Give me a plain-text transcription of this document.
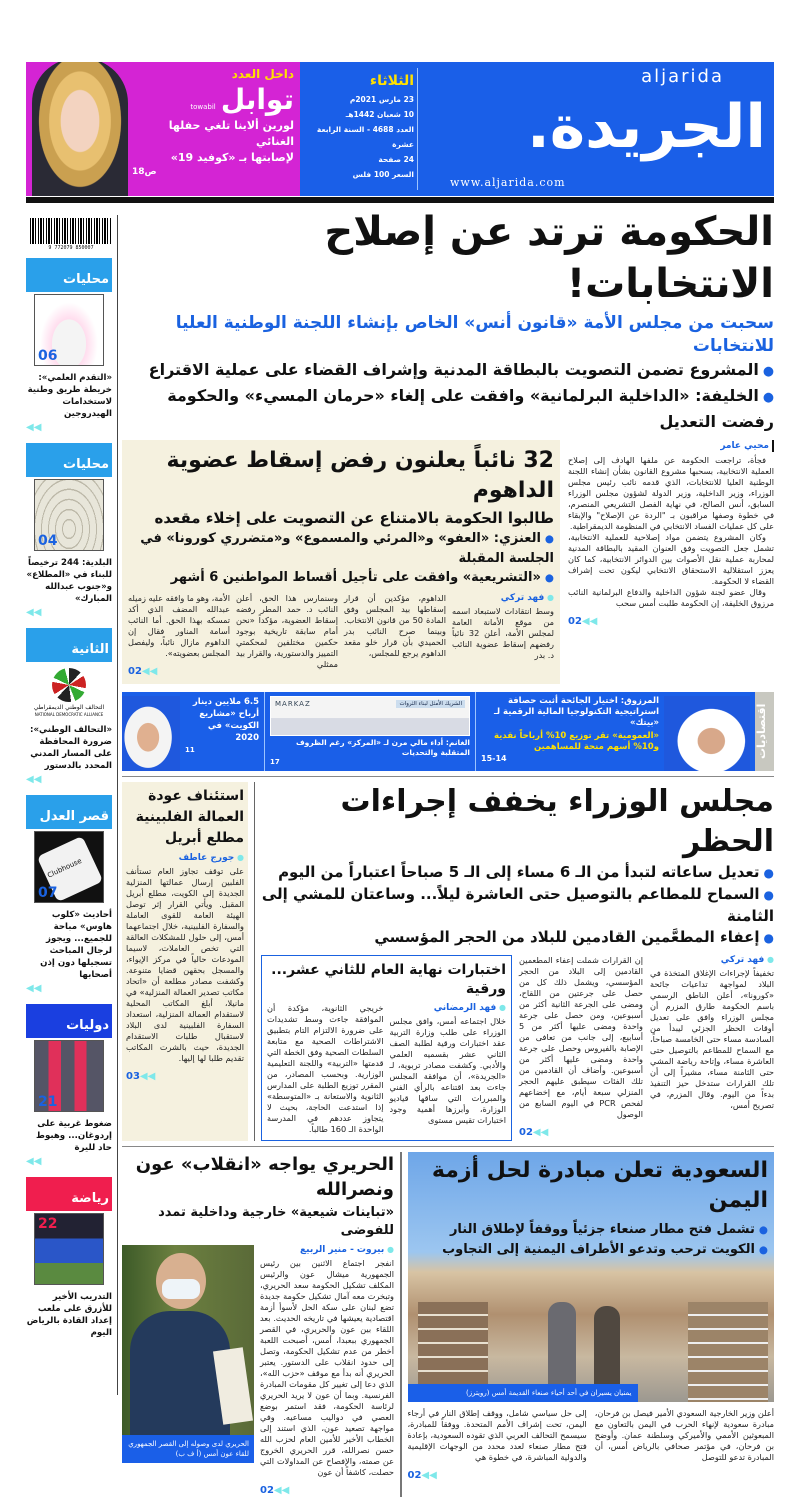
داخل العدد
توابل towabil
لورين ألاينا تلغي حفلها الغنائي
لإصابتها بـ «كوفيد 19»
ص18
الثلاثاء
23 مارس 2021م
10 شعبان 1442هـ
العدد 4688 - السنة الرابعة عشرة
24 صفحة
السعر 100 فلس
aljarida
الجريدة.
www.aljarida.com
9 772079 850007
محليات
06
«التقدم العلمي»: خريطة طريق وطنية لاستخدامات الهيدروجين
◀◀
محليات
04
البلدية: 244 ترخيصاً للبناء في «المطلاع» و«جنوب عبدالله المبارك»
◀◀
الثانية
التحالف الوطني الديمقراطي
NATIONAL DEMOCRATIC ALLIANCE
«التحالف الوطني»: ضرورة المحافظة على المسار المدني المحدد بالدستور
◀◀
قصر العدل
Clubhouse
07
أحاديث «كلوب هاوس» مباحة للجميع... ويجوز لرجال المباحث تسجيلها دون إذن أصحابها
◀◀
دوليات
21
ضغوط غربية على إردوغان... وهبوط حاد لليرة
◀◀
رياضة
22
التدريب الأخير للأزرق على ملعب إعداد القادة بالرياض اليوم
الحكومة ترتد عن إصلاح الانتخابات!
سحبت من مجلس الأمة «قانون أنس» الخاص بإنشاء اللجنة الوطنية العليا للانتخابات
●المشروع تضمن التصويت بالبطاقة المدنية وإشراف القضاء على عملية الاقتراع
●الخليفة: «الداخلية البرلمانية» وافقت على إلغاء «حرمان المسيء» والحكومة رفضت التعديل
محيي عامر

فجأة، تراجعت الحكومة عن ملفها الهادف إلى إصلاح العملية الانتخابية، بسحبها مشروع القانون بشأن إنشاء اللجنة الوطنية العليا للانتخابات، الذي قدمه نائب رئيس مجلس الوزراء، وزير الداخلية، وزير الدولة لشؤون مجلس الوزراء السابق، أنس الصالح، في نهاية الفصل التشريعي المنصرم، في خطوة وصفها مراقبون بـ "الردة عن الإصلاح" والإبقاء على كل عمليات الفساد الانتخابي في المنظومة الديمقراطية.

وكان المشروع يتضمن مواد إصلاحية للعملية الانتخابية، تشمل جعل التصويت وفق العنوان المقيد بالبطاقة المدنية لمحاربة عملية نقل الأصوات بين الدوائر الانتخابية، كما كان يعزز استقلالية الاستحقاق الانتخابي ليكون تحت إشراف القضاء لا الحكومة.

وقال عضو لجنة شؤون الداخلية والدفاع البرلمانية النائب مرزوق الخليفة، إن الحكومة طلبت أمس سحب

02◀◀
32 نائباً يعلنون رفض إسقاط عضوية الداهوم
طالبوا الحكومة بالامتناع عن التصويت على إخلاء مقعده
●العنزي: «العفو» و«المرئي والمسموع» و«متضرري كورونا» في الجلسة المقبلة
●«التشريعية» وافقت على تأجيل أقساط المواطنين 6 أشهر
● فهد تركي
وسط انتقادات لاستبعاد اسمه من موقع الأمانة العامة لمجلس الأمة، أعلن 32 نائباً رفضهم إسقاط عضوية النائب د. بدر
الداهوم، مؤكدين أن قرار إسقاطها بيد المجلس وفق المادة 50 من قانون الانتخاب. وبينما صرح النائب بدر الحميدي بأن قرار خلو مقعد الداهوم يرجع للمجلس،
وسنمارس هذا الحق، أعلن النائب د. حمد المطر رفضه إسقاط العضوية، مؤكداً «نحن أمام سابقة تاريخية بوجود حكمين مختلفين لمحكمتي التمييز والدستورية، والقرار بيد ممثلي
الأمة، وهو ما وافقه عليه زميله عبدالله المضف الذي أكد تمسكه بهذا الحق. أما النائب أسامة المناور فقال إن الداهوم مازال نائباً، وليفصل المجلس بعضويته».
02◀◀
اقتصاديات
المرزوق: اختيار الجائحة أثبت حصافة استراتيجية التكنولوجيا المالية الرقمية لـ «بيتك»
«العمومية» تقر توزيع 10% أرباحاً نقدية و10% أسهم منحة للمساهمين
15-14
MARKAZ	الشريك الأمثل لبناء الثروات
الغانم: أداء مالي مرن لـ «المركز» رغم الظروف المتقلبة والتحديات
17
6.5 ملايين دينار أرباح «مشاريع الكويت» في 2020
11
مجلس الوزراء يخفف إجراءات الحظر
●تعديل ساعاته لتبدأ من الـ 6 مساء إلى الـ 5 صباحاً اعتباراً من اليوم
●السماح للمطاعم بالتوصيل حتى العاشرة ليلاً... وساعتان للمشي إلى الثامنة
●إعفاء المطعَّمين القادمين للبلاد من الحجر المؤسسي
● فهد تركي
تخفيفاً لإجراءات الإغلاق المتخذة في البلاد لمواجهة تداعيات جائحة «كورونا»، أعلن الناطق الرسمي باسم الحكومة طارق المزرم أن مجلس الوزراء وافق على تعديل أوقات الحظر الجزئي ليبدأ من السادسة مساء حتى الخامسة صباحاً، مع السماح للمطاعم بالتوصيل حتى العاشرة مساء، وإتاحة رياضة المشي حتى الثامنة مساء، مشيراً إلى أن تلك القرارات ستدخل حيز التنفيذ بدءاً من اليوم. وقال المزرم، في تصريح أمس،
إن القرارات شملت إعفاء المطعمين القادمين إلى البلاد من الحجر المؤسسي، ويشمل ذلك كل من حصل على جرعتين من اللقاح، ومضى على الجرعة الثانية أكثر من أسبوعين، ومن حصل على جرعة واحدة ومضى عليها أكثر من 5 أسابيع، إلى جانب من تعافى من الإصابة بالفيروس وحصل على جرعة واحدة ومضى عليها أكثر من أسبوعين. وأضاف أن القادمين من تلك الفئات سيطبق عليهم الحجر المنزلي سبعة أيام، مع إخضاعهم لفحص PCR في اليوم السابع من الوصول
02◀◀
اختبارات نهاية العام للثاني عشر... ورقية
● فهد الرمضاني
خلال اجتماعه أمس، وافق مجلس الوزراء على طلب وزارة التربية عقد اختبارات ورقية لطلبة الصف الثاني عشر بقسميه العلمي والأدبي. وكشفت مصادر تربوية، لـ «الجريدة»، أن موافقة المجلس جاءت بعد اقتناعه بالرأي الفني والمبررات التي ساقها قياديو الوزارة، وأبرزها أهمية وجود اختبارات تقيس مستوى
خريجي الثانوية، مؤكدة أن الموافقة جاءت وسط تشديدات على ضرورة الالتزام التام بتطبيق الاشتراطات الصحية مع متابعة السلطات الصحية وفق الخطة التي قدمتها «التربية» واللجنة التعليمية الوزارية. وبحسب المصادر، من المقرر توزيع الطلبة على المدارس الثانوية والاستعانة بـ «المتوسطة» إذا استدعت الحاجة، بحيث لا يتجاوز عددهم في المدرسة الواحدة الـ 160 طالباً.
استئناف عودة العمالة الفلبينية مطلع أبريل
● جورج عاطف
على توقف تجاوز العام تستأنف الفلبين إرسال عمالتها المنزلية الجديدة إلى الكويت، مطلع أبريل المقبل. ويأتي القرار إثر توصل الهيئة العامة للقوى العاملة والسفارة الفلبينية، خلال اجتماعهما أمس، إلى حلول للمشكلات العالقة التي تخص العاملات، لاسيما المودعات حالياً في مركز الإيواء، والمسجل بحقهن قضايا متنوعة. وكشفت مصادر مطلعة أن «اتحاد مكاتب تصدير العمالة المنزلية» في مانيلا، أبلغ المكاتب المحلية لاستقدام العمالة المنزلية، استعداد السفارة الفلبينية لدى البلاد لاستقبال طلبات الاستقدام الجديدة، حيث بالشرت المكاتب تقديم طلبا لها إليها.
03◀◀
السعودية تعلن مبادرة لحل أزمة اليمن
●تشمل فتح مطار صنعاء جزئياً ووقفاً لإطلاق النار
●الكويت ترحب وتدعو الأطراف اليمنية إلى التجاوب
يمنيان يسيران في أحد أحياء صنعاء القديمة أمس (رويترز)
أعلن وزير الخارجية السعودي الأمير فيصل بن فرحان، مبادرة سعودية لإنهاء الحرب في اليمن بالتعاون مع المبعوثين الأممي والأميركي وسلطنة عمان. وأوضح بن فرحان، في مؤتمر صحافي بالرياض أمس، أن المبادرة تدعو للتوصل
إلى حل سياسي شامل، ووقف إطلاق النار في أرجاء اليمن، تحت إشراف الأمم المتحدة. ووفقاً للمبادرة، سيسمح التحالف العربي الذي تقوده السعودية، بإعادة فتح مطار صنعاء لعدد محدد من الوجهات الإقليمية والدولية المباشرة، في خطوة هي
02◀◀
الحريري يواجه «انقلاب» عون ونصرالله
«تباينات شيعية» خارجية وداخلية تمدد للفوضى
● بيروت - منير الربيع
انفجر اجتماع الاثنين بين رئيس الجمهورية ميشال عون والرئيس المكلف تشكيل الحكومة سعد الحريري، وتبخرت معه آمال تشكيل حكومة جديدة تضع لبنان على سكة الحل لأسوأ أزمة اقتصادية يعيشها في تاريخه الحديث. بعد اللقاء بين عون والحريري، في القصر الجمهوري ببعبدا، أمس، أصبحت اللعبة أخطر من عدم تشكيل الحكومة، وتصل إلى حدود انقلاب على الدستور. يعتبر الحريري أنه بدأ مع موقف «حزب الله»، الذي دعا إلى تغيير كل مقومات المبادرة الفرنسية. وبما أن عون لا يريد الحريري لرئاسة الحكومة، فقد استمر بوضع العصي في دواليب مساعيه. وفي مواجهة تصعيد عون، الذي استند إلى الخطاب الأخير للأمين العام لحزب الله حسن نصرالله، قرر الحريري الخروج عن صمته، والإفصاح عن المداولات التي حصلت، كاشفاً أن عون
02◀◀
الحريري لدى وصوله إلى القصر الجمهوري للقاء عون أمس (أ ف ب)
